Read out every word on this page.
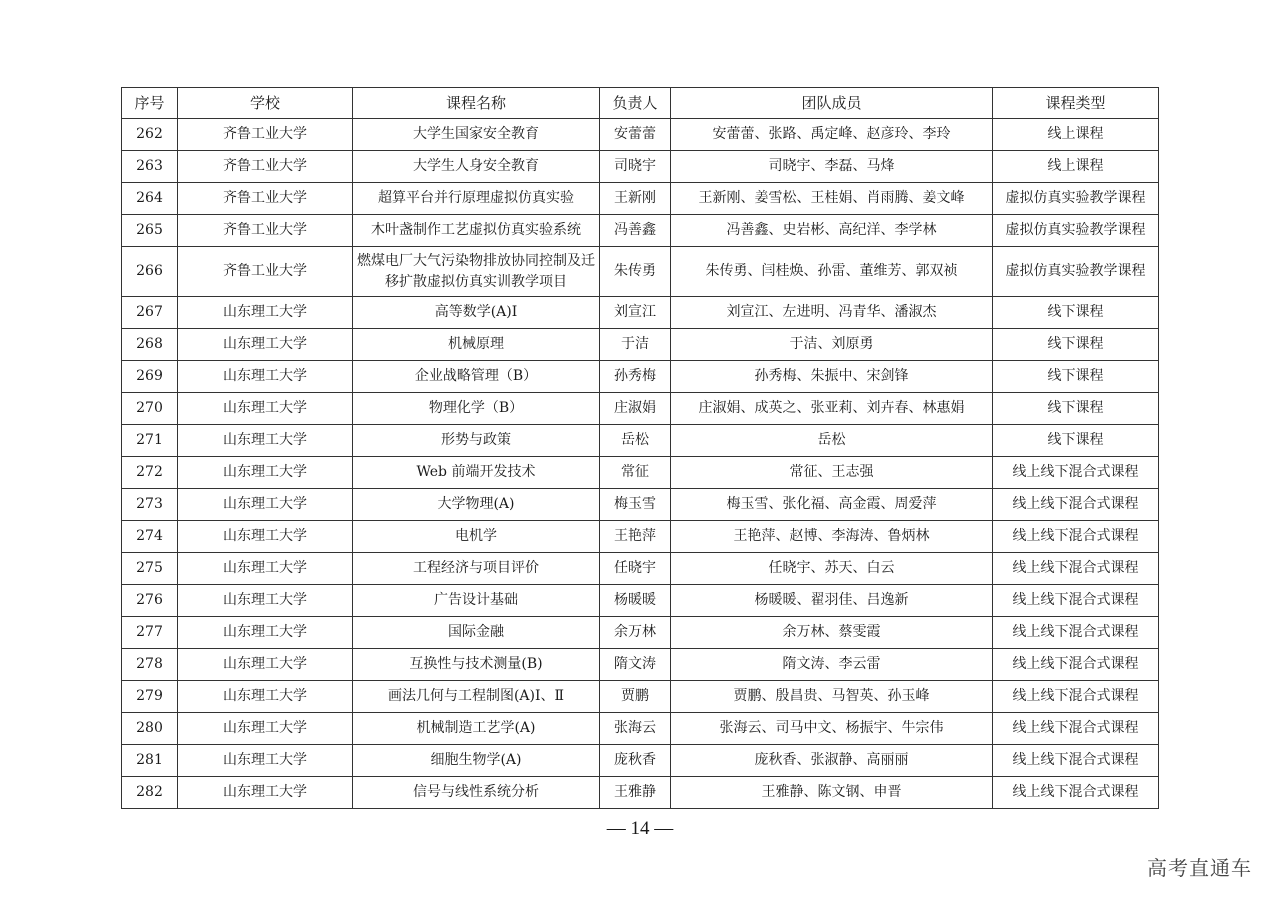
序号	学校	课程名称	负责人	团队成员	课程类型
262	齐鲁工业大学	大学生国家安全教育	安蕾蕾	安蕾蕾、张路、禹定峰、赵彦玲、李玲	线上课程
263	齐鲁工业大学	大学生人身安全教育	司晓宇	司晓宇、李磊、马烽	线上课程
264	齐鲁工业大学	超算平台并行原理虚拟仿真实验	王新刚	王新刚、姜雪松、王桂娟、肖雨腾、姜文峰	虚拟仿真实验教学课程
265	齐鲁工业大学	木叶盏制作工艺虚拟仿真实验系统	冯善鑫	冯善鑫、史岩彬、高纪洋、李学林	虚拟仿真实验教学课程
266	齐鲁工业大学	燃煤电厂大气污染物排放协同控制及迁移扩散虚拟仿真实训教学项目	朱传勇	朱传勇、闫桂焕、孙雷、董维芳、郭双祯	虚拟仿真实验教学课程
267	山东理工大学	高等数学(A)Ⅰ	刘宣江	刘宣江、左进明、冯青华、潘淑杰	线下课程
268	山东理工大学	机械原理	于洁	于洁、刘原勇	线下课程
269	山东理工大学	企业战略管理（B）	孙秀梅	孙秀梅、朱振中、宋剑锋	线下课程
270	山东理工大学	物理化学（B）	庄淑娟	庄淑娟、成英之、张亚莉、刘卉春、林惠娟	线下课程
271	山东理工大学	形势与政策	岳松	岳松	线下课程
272	山东理工大学	Web 前端开发技术	常征	常征、王志强	线上线下混合式课程
273	山东理工大学	大学物理(A)	梅玉雪	梅玉雪、张化福、高金霞、周爱萍	线上线下混合式课程
274	山东理工大学	电机学	王艳萍	王艳萍、赵博、李海涛、鲁炳林	线上线下混合式课程
275	山东理工大学	工程经济与项目评价	任晓宇	任晓宇、苏天、白云	线上线下混合式课程
276	山东理工大学	广告设计基础	杨暖暖	杨暖暖、翟羽佳、吕逸新	线上线下混合式课程
277	山东理工大学	国际金融	余万林	余万林、蔡雯霞	线上线下混合式课程
278	山东理工大学	互换性与技术测量(B)	隋文涛	隋文涛、李云雷	线上线下混合式课程
279	山东理工大学	画法几何与工程制图(A)Ⅰ、Ⅱ	贾鹏	贾鹏、殷昌贵、马智英、孙玉峰	线上线下混合式课程
280	山东理工大学	机械制造工艺学(A)	张海云	张海云、司马中文、杨振宇、牛宗伟	线上线下混合式课程
281	山东理工大学	细胞生物学(A)	庞秋香	庞秋香、张淑静、高丽丽	线上线下混合式课程
282	山东理工大学	信号与线性系统分析	王雅静	王雅静、陈文钢、申晋	线上线下混合式课程
— 14 —
高考直通车
